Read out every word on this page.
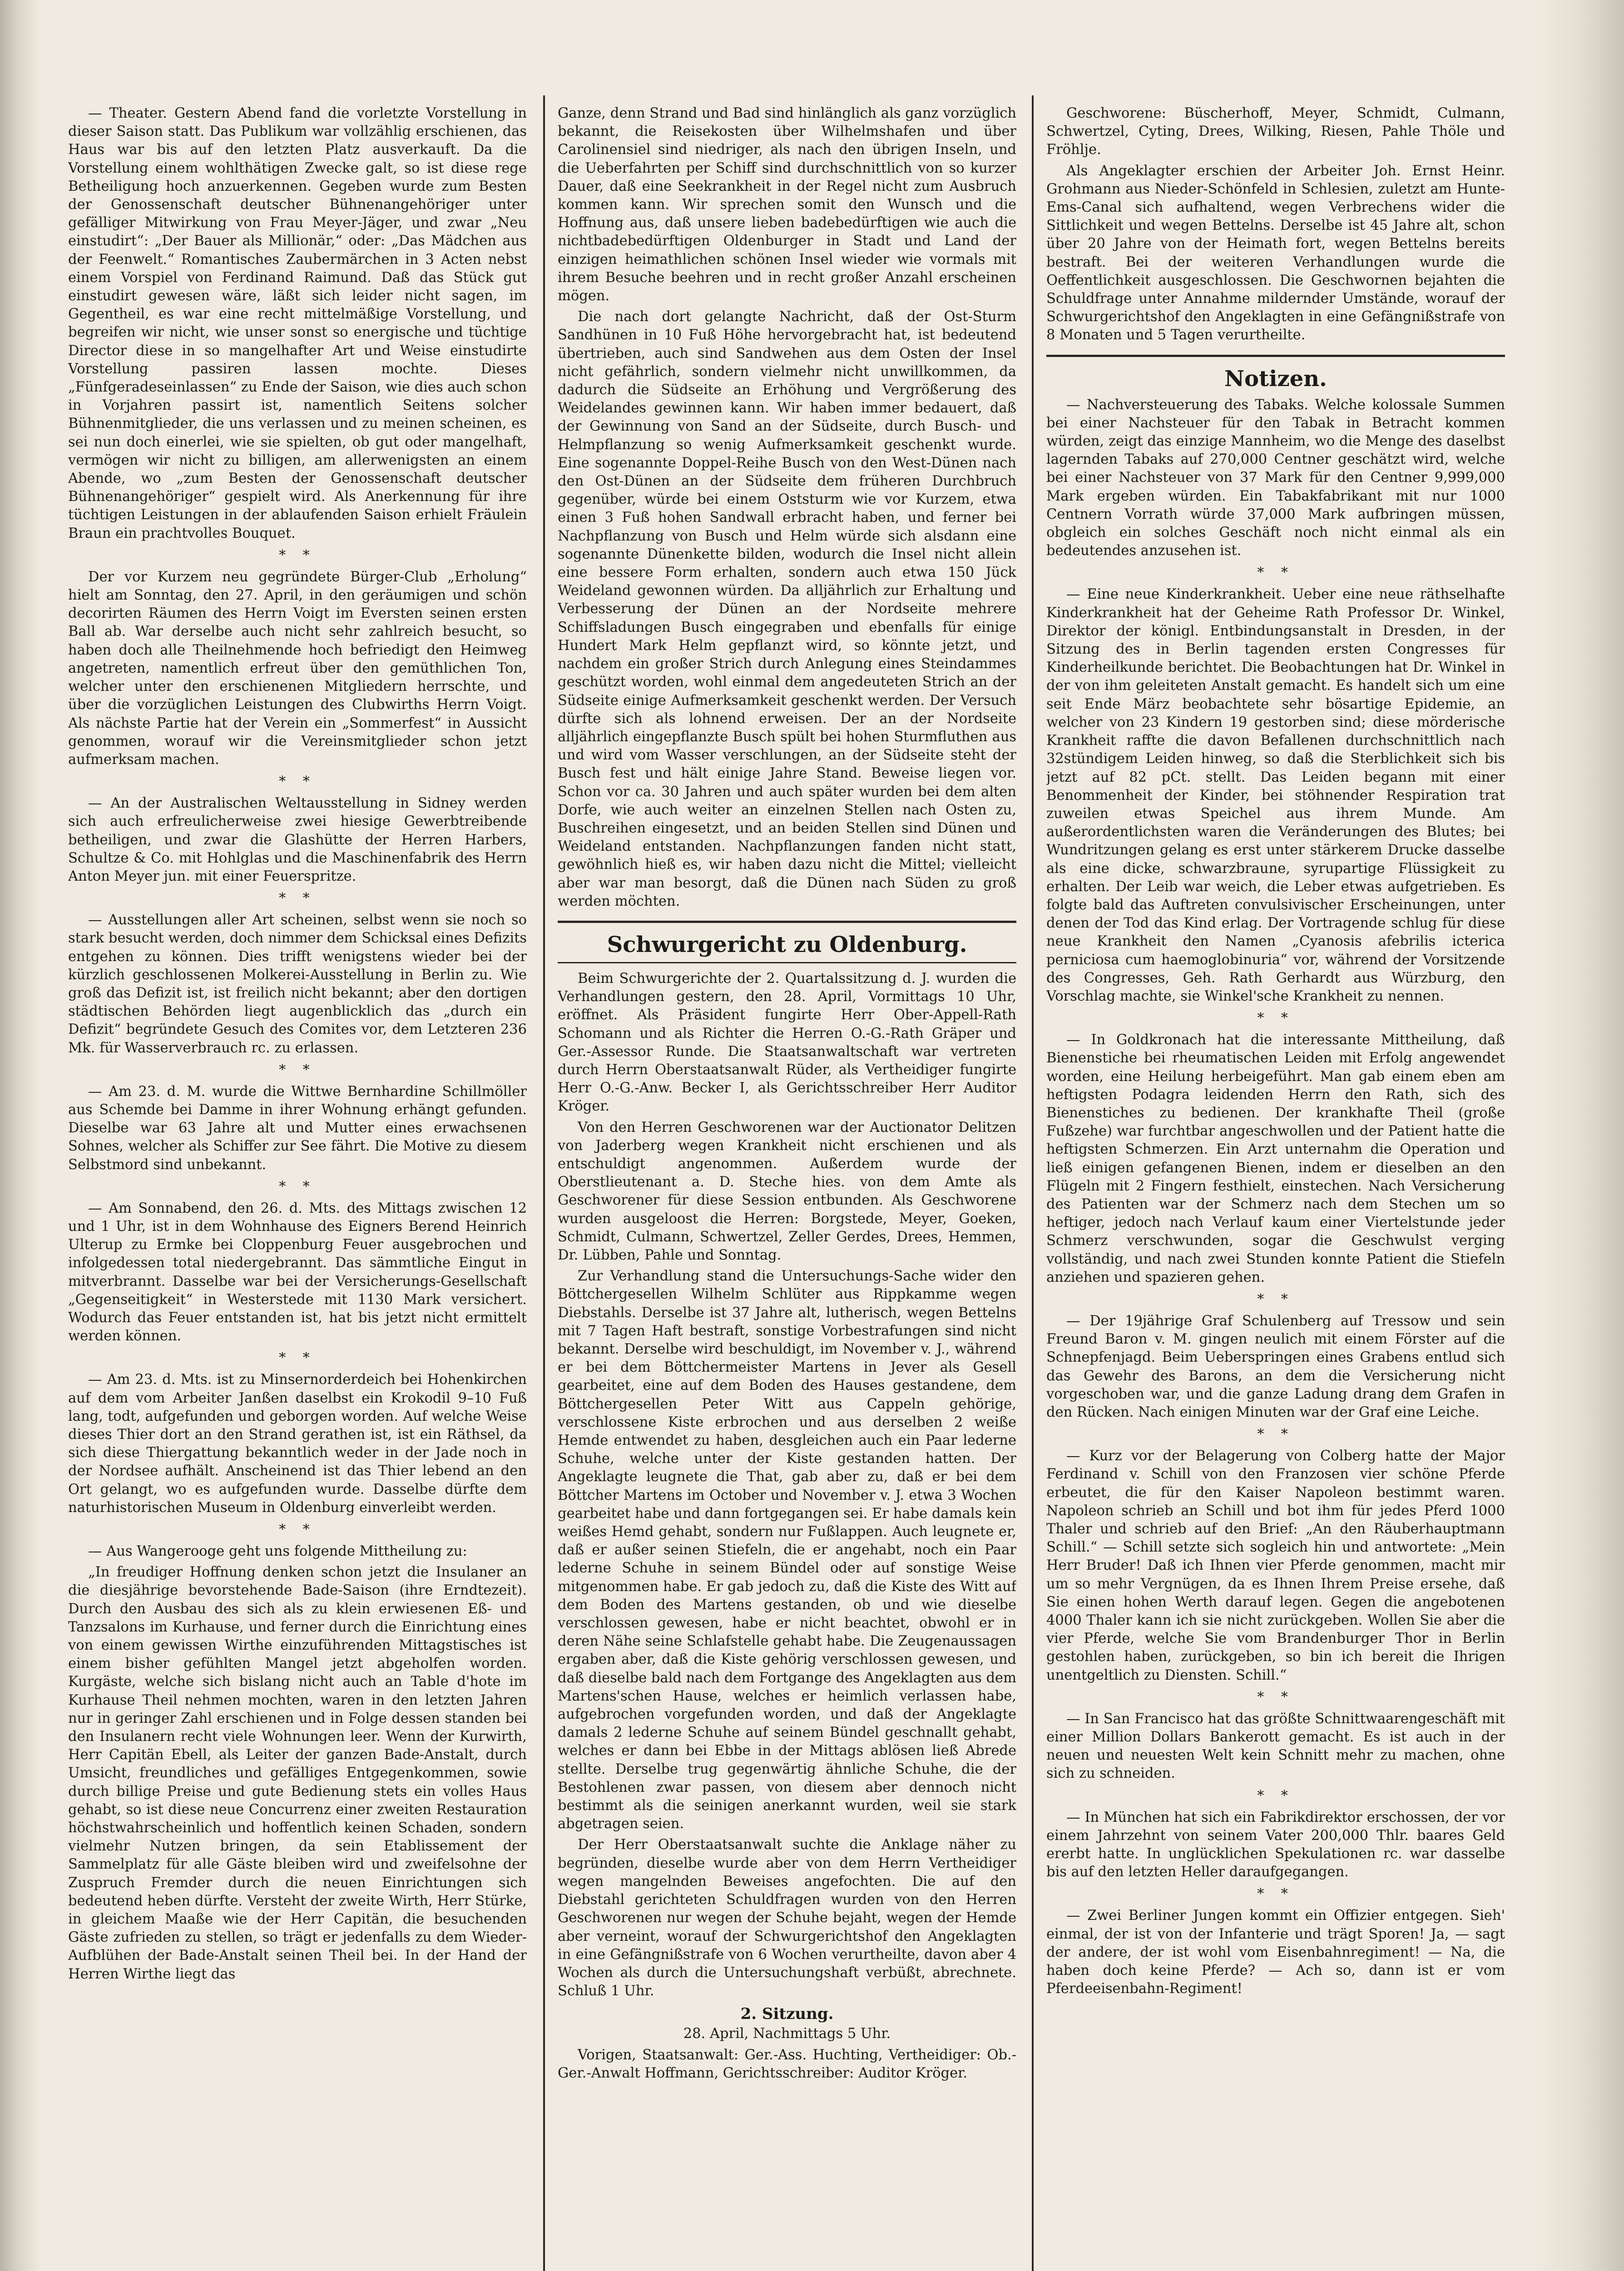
— Theater. Gestern Abend fand die vorletzte Vorstellung in dieser Saison statt. Das Publikum war vollzählig erschienen, das Haus war bis auf den letzten Platz ausverkauft. Da die Vorstellung einem wohlthätigen Zwecke galt, so ist diese rege Betheiligung hoch anzuerkennen. Gegeben wurde zum Besten der Genossenschaft deutscher Bühnenangehöriger unter gefälliger Mitwirkung von Frau Meyer-Jäger, und zwar „Neu einstudirt“: „Der Bauer als Millionär,“ oder: „Das Mädchen aus der Feenwelt.“ Romantisches Zaubermärchen in 3 Acten nebst einem Vorspiel von Ferdinand Raimund. Daß das Stück gut einstudirt gewesen wäre, läßt sich leider nicht sagen, im Gegentheil, es war eine recht mittelmäßige Vorstellung, und begreifen wir nicht, wie unser sonst so energische und tüchtige Director diese in so mangelhafter Art und Weise einstudirte Vorstellung passiren lassen mochte. Dieses „Fünfgeradeseinlassen“ zu Ende der Saison, wie dies auch schon in Vorjahren passirt ist, namentlich Seitens solcher Bühnenmitglieder, die uns verlassen und zu meinen scheinen, es sei nun doch einerlei, wie sie spielten, ob gut oder mangelhaft, vermögen wir nicht zu billigen, am allerwenigsten an einem Abende, wo „zum Besten der Genossenschaft deutscher Bühnenangehöriger“ gespielt wird. Als Anerkennung für ihre tüchtigen Leistungen in der ablaufenden Saison erhielt Fräulein Braun ein prachtvolles Bouquet.

* *

Der vor Kurzem neu gegründete Bürger-Club „Erholung“ hielt am Sonntag, den 27. April, in den geräumigen und schön decorirten Räumen des Herrn Voigt im Eversten seinen ersten Ball ab. War derselbe auch nicht sehr zahlreich besucht, so haben doch alle Theilnehmende hoch befriedigt den Heimweg angetreten, namentlich erfreut über den gemüthlichen Ton, welcher unter den erschienenen Mitgliedern herrschte, und über die vorzüglichen Leistungen des Clubwirths Herrn Voigt. Als nächste Partie hat der Verein ein „Sommerfest“ in Aussicht genommen, worauf wir die Vereinsmitglieder schon jetzt aufmerksam machen.

* *

— An der Australischen Weltausstellung in Sidney werden sich auch erfreulicherweise zwei hiesige Gewerbtreibende betheiligen, und zwar die Glashütte der Herren Harbers, Schultze & Co. mit Hohlglas und die Maschinenfabrik des Herrn Anton Meyer jun. mit einer Feuerspritze.

* *

— Ausstellungen aller Art scheinen, selbst wenn sie noch so stark besucht werden, doch nimmer dem Schicksal eines Defizits entgehen zu können. Dies trifft wenigstens wieder bei der kürzlich geschlossenen Molkerei-Ausstellung in Berlin zu. Wie groß das Defizit ist, ist freilich nicht bekannt; aber den dortigen städtischen Behörden liegt augenblicklich das „durch ein Defizit“ begründete Gesuch des Comites vor, dem Letzteren 236 Mk. für Wasserverbrauch rc. zu erlassen.

* *

— Am 23. d. M. wurde die Wittwe Bernhardine Schillmöller aus Schemde bei Damme in ihrer Wohnung erhängt gefunden. Dieselbe war 63 Jahre alt und Mutter eines erwachsenen Sohnes, welcher als Schiffer zur See fährt. Die Motive zu diesem Selbstmord sind unbekannt.

* *

— Am Sonnabend, den 26. d. Mts. des Mittags zwischen 12 und 1 Uhr, ist in dem Wohnhause des Eigners Berend Heinrich Ulterup zu Ermke bei Cloppenburg Feuer ausgebrochen und infolgedessen total niedergebrannt. Das sämmtliche Eingut in mitverbrannt. Dasselbe war bei der Versicherungs-Gesellschaft „Gegenseitigkeit“ in Westerstede mit 1130 Mark versichert. Wodurch das Feuer entstanden ist, hat bis jetzt nicht ermittelt werden können.

* *

— Am 23. d. Mts. ist zu Minsernorderdeich bei Hohenkirchen auf dem vom Arbeiter Janßen daselbst ein Krokodil 9–10 Fuß lang, todt, aufgefunden und geborgen worden. Auf welche Weise dieses Thier dort an den Strand gerathen ist, ist ein Räthsel, da sich diese Thiergattung bekanntlich weder in der Jade noch in der Nordsee aufhält. Anscheinend ist das Thier lebend an den Ort gelangt, wo es aufgefunden wurde. Dasselbe dürfte dem naturhistorischen Museum in Oldenburg einverleibt werden.

* *

— Aus Wangerooge geht uns folgende Mittheilung zu:

„In freudiger Hoffnung denken schon jetzt die Insulaner an die diesjährige bevorstehende Bade-Saison (ihre Erndtezeit). Durch den Ausbau des sich als zu klein erwiesenen Eß- und Tanzsalons im Kurhause, und ferner durch die Einrichtung eines von einem gewissen Wirthe einzuführenden Mittagstisches ist einem bisher gefühlten Mangel jetzt abgeholfen worden. Kurgäste, welche sich bislang nicht auch an Table d'hote im Kurhause Theil nehmen mochten, waren in den letzten Jahren nur in geringer Zahl erschienen und in Folge dessen standen bei den Insulanern recht viele Wohnungen leer. Wenn der Kurwirth, Herr Capitän Ebell, als Leiter der ganzen Bade-Anstalt, durch Umsicht, freundliches und gefälliges Entgegenkommen, sowie durch billige Preise und gute Bedienung stets ein volles Haus gehabt, so ist diese neue Concurrenz einer zweiten Restauration höchstwahrscheinlich und hoffentlich keinen Schaden, sondern vielmehr Nutzen bringen, da sein Etablissement der Sammelplatz für alle Gäste bleiben wird und zweifelsohne der Zuspruch Fremder durch die neuen Einrichtungen sich bedeutend heben dürfte. Versteht der zweite Wirth, Herr Stürke, in gleichem Maaße wie der Herr Capitän, die besuchenden Gäste zufrieden zu stellen, so trägt er jedenfalls zu dem Wieder-Aufblühen der Bade-Anstalt seinen Theil bei. In der Hand der Herren Wirthe liegt das

Ganze, denn Strand und Bad sind hinlänglich als ganz vorzüglich bekannt, die Reisekosten über Wilhelmshafen und über Carolinensiel sind niedriger, als nach den übrigen Inseln, und die Ueberfahrten per Schiff sind durchschnittlich von so kurzer Dauer, daß eine Seekrankheit in der Regel nicht zum Ausbruch kommen kann. Wir sprechen somit den Wunsch und die Hoffnung aus, daß unsere lieben badebedürftigen wie auch die nichtbadebedürftigen Oldenburger in Stadt und Land der einzigen heimathlichen schönen Insel wieder wie vormals mit ihrem Besuche beehren und in recht großer Anzahl erscheinen mögen.

Die nach dort gelangte Nachricht, daß der Ost-Sturm Sandhünen in 10 Fuß Höhe hervorgebracht hat, ist bedeutend übertrieben, auch sind Sandwehen aus dem Osten der Insel nicht gefährlich, sondern vielmehr nicht unwillkommen, da dadurch die Südseite an Erhöhung und Vergrößerung des Weidelandes gewinnen kann. Wir haben immer bedauert, daß der Gewinnung von Sand an der Südseite, durch Busch- und Helmpflanzung so wenig Aufmerksamkeit geschenkt wurde. Eine sogenannte Doppel-Reihe Busch von den West-Dünen nach den Ost-Dünen an der Südseite dem früheren Durchbruch gegenüber, würde bei einem Oststurm wie vor Kurzem, etwa einen 3 Fuß hohen Sandwall erbracht haben, und ferner bei Nachpflanzung von Busch und Helm würde sich alsdann eine sogenannte Dünenkette bilden, wodurch die Insel nicht allein eine bessere Form erhalten, sondern auch etwa 150 Jück Weideland gewonnen würden. Da alljährlich zur Erhaltung und Verbesserung der Dünen an der Nordseite mehrere Schiffsladungen Busch eingegraben und ebenfalls für einige Hundert Mark Helm gepflanzt wird, so könnte jetzt, und nachdem ein großer Strich durch Anlegung eines Steindammes geschützt worden, wohl einmal dem angedeuteten Strich an der Südseite einige Aufmerksamkeit geschenkt werden. Der Versuch dürfte sich als lohnend erweisen. Der an der Nordseite alljährlich eingepflanzte Busch spült bei hohen Sturmfluthen aus und wird vom Wasser verschlungen, an der Südseite steht der Busch fest und hält einige Jahre Stand. Beweise liegen vor. Schon vor ca. 30 Jahren und auch später wurden bei dem alten Dorfe, wie auch weiter an einzelnen Stellen nach Osten zu, Buschreihen eingesetzt, und an beiden Stellen sind Dünen und Weideland entstanden. Nachpflanzungen fanden nicht statt, gewöhnlich hieß es, wir haben dazu nicht die Mittel; vielleicht aber war man besorgt, daß die Dünen nach Süden zu groß werden möchten.

Schwurgericht zu Oldenburg.

Beim Schwurgerichte der 2. Quartalssitzung d. J. wurden die Verhandlungen gestern, den 28. April, Vormittags 10 Uhr, eröffnet. Als Präsident fungirte Herr Ober-Appell-Rath Schomann und als Richter die Herren O.-G.-Rath Gräper und Ger.-Assessor Runde. Die Staatsanwaltschaft war vertreten durch Herrn Oberstaatsanwalt Rüder, als Vertheidiger fungirte Herr O.-G.-Anw. Becker I, als Gerichtsschreiber Herr Auditor Kröger.

Von den Herren Geschworenen war der Auctionator Delitzen von Jaderberg wegen Krankheit nicht erschienen und als entschuldigt angenommen. Außerdem wurde der Oberstlieutenant a. D. Steche hies. von dem Amte als Geschworener für diese Session entbunden. Als Geschworene wurden ausgeloost die Herren: Borgstede, Meyer, Goeken, Schmidt, Culmann, Schwertzel, Zeller Gerdes, Drees, Hemmen, Dr. Lübben, Pahle und Sonntag.

Zur Verhandlung stand die Untersuchungs-Sache wider den Böttchergesellen Wilhelm Schlüter aus Rippkamme wegen Diebstahls. Derselbe ist 37 Jahre alt, lutherisch, wegen Bettelns mit 7 Tagen Haft bestraft, sonstige Vorbestrafungen sind nicht bekannt. Derselbe wird beschuldigt, im November v. J., während er bei dem Böttchermeister Martens in Jever als Gesell gearbeitet, eine auf dem Boden des Hauses gestandene, dem Böttchergesellen Peter Witt aus Cappeln gehörige, verschlossene Kiste erbrochen und aus derselben 2 weiße Hemde entwendet zu haben, desgleichen auch ein Paar lederne Schuhe, welche unter der Kiste gestanden hatten. Der Angeklagte leugnete die That, gab aber zu, daß er bei dem Böttcher Martens im October und November v. J. etwa 3 Wochen gearbeitet habe und dann fortgegangen sei. Er habe damals kein weißes Hemd gehabt, sondern nur Fußlappen. Auch leugnete er, daß er außer seinen Stiefeln, die er angehabt, noch ein Paar lederne Schuhe in seinem Bündel oder auf sonstige Weise mitgenommen habe. Er gab jedoch zu, daß die Kiste des Witt auf dem Boden des Martens gestanden, ob und wie dieselbe verschlossen gewesen, habe er nicht beachtet, obwohl er in deren Nähe seine Schlafstelle gehabt habe. Die Zeugenaussagen ergaben aber, daß die Kiste gehörig verschlossen gewesen, und daß dieselbe bald nach dem Fortgange des Angeklagten aus dem Martens'schen Hause, welches er heimlich verlassen habe, aufgebrochen vorgefunden worden, und daß der Angeklagte damals 2 lederne Schuhe auf seinem Bündel geschnallt gehabt, welches er dann bei Ebbe in der Mittags ablösen ließ Abrede stellte. Derselbe trug gegenwärtig ähnliche Schuhe, die der Bestohlenen zwar passen, von diesem aber dennoch nicht bestimmt als die seinigen anerkannt wurden, weil sie stark abgetragen seien.

Der Herr Oberstaatsanwalt suchte die Anklage näher zu begründen, dieselbe wurde aber von dem Herrn Vertheidiger wegen mangelnden Beweises angefochten. Die auf den Diebstahl gerichteten Schuldfragen wurden von den Herren Geschworenen nur wegen der Schuhe bejaht, wegen der Hemde aber verneint, worauf der Schwurgerichtshof den Angeklagten in eine Gefängnißstrafe von 6 Wochen verurtheilte, davon aber 4 Wochen als durch die Untersuchungshaft verbüßt, abrechnete. Schluß 1 Uhr.

2. Sitzung.

28. April, Nachmittags 5 Uhr.

Vorigen, Staatsanwalt: Ger.-Ass. Huchting, Vertheidiger: Ob.-Ger.-Anwalt Hoffmann, Gerichtsschreiber: Auditor Kröger.

Geschworene: Büscherhoff, Meyer, Schmidt, Culmann, Schwertzel, Cyting, Drees, Wilking, Riesen, Pahle Thöle und Fröhlje.

Als Angeklagter erschien der Arbeiter Joh. Ernst Heinr. Grohmann aus Nieder-Schönfeld in Schlesien, zuletzt am Hunte-Ems-Canal sich aufhaltend, wegen Verbrechens wider die Sittlichkeit und wegen Bettelns. Derselbe ist 45 Jahre alt, schon über 20 Jahre von der Heimath fort, wegen Bettelns bereits bestraft. Bei der weiteren Verhandlungen wurde die Oeffentlichkeit ausgeschlossen. Die Geschwornen bejahten die Schuldfrage unter Annahme mildernder Umstände, worauf der Schwurgerichtshof den Angeklagten in eine Gefängnißstrafe von 8 Monaten und 5 Tagen verurtheilte.

Notizen.

— Nachversteuerung des Tabaks. Welche kolossale Summen bei einer Nachsteuer für den Tabak in Betracht kommen würden, zeigt das einzige Mannheim, wo die Menge des daselbst lagernden Tabaks auf 270,000 Centner geschätzt wird, welche bei einer Nachsteuer von 37 Mark für den Centner 9,999,000 Mark ergeben würden. Ein Tabakfabrikant mit nur 1000 Centnern Vorrath würde 37,000 Mark aufbringen müssen, obgleich ein solches Geschäft noch nicht einmal als ein bedeutendes anzusehen ist.

* *

— Eine neue Kinderkrankheit. Ueber eine neue räthselhafte Kinderkrankheit hat der Geheime Rath Professor Dr. Winkel, Direktor der königl. Entbindungsanstalt in Dresden, in der Sitzung des in Berlin tagenden ersten Congresses für Kinderheilkunde berichtet. Die Beobachtungen hat Dr. Winkel in der von ihm geleiteten Anstalt gemacht. Es handelt sich um eine seit Ende März beobachtete sehr bösartige Epidemie, an welcher von 23 Kindern 19 gestorben sind; diese mörderische Krankheit raffte die davon Befallenen durchschnittlich nach 32stündigem Leiden hinweg, so daß die Sterblichkeit sich bis jetzt auf 82 pCt. stellt. Das Leiden begann mit einer Benommenheit der Kinder, bei stöhnender Respiration trat zuweilen etwas Speichel aus ihrem Munde. Am außerordentlichsten waren die Veränderungen des Blutes; bei Wundritzungen gelang es erst unter stärkerem Drucke dasselbe als eine dicke, schwarzbraune, syrupartige Flüssigkeit zu erhalten. Der Leib war weich, die Leber etwas aufgetrieben. Es folgte bald das Auftreten convulsivischer Erscheinungen, unter denen der Tod das Kind erlag. Der Vortragende schlug für diese neue Krankheit den Namen „Cyanosis afebrilis icterica perniciosa cum haemoglobinuria“ vor, während der Vorsitzende des Congresses, Geh. Rath Gerhardt aus Würzburg, den Vorschlag machte, sie Winkel'sche Krankheit zu nennen.

* *

— In Goldkronach hat die interessante Mittheilung, daß Bienenstiche bei rheumatischen Leiden mit Erfolg angewendet worden, eine Heilung herbeigeführt. Man gab einem eben am heftigsten Podagra leidenden Herrn den Rath, sich des Bienenstiches zu bedienen. Der krankhafte Theil (große Fußzehe) war furchtbar angeschwollen und der Patient hatte die heftigsten Schmerzen. Ein Arzt unternahm die Operation und ließ einigen gefangenen Bienen, indem er dieselben an den Flügeln mit 2 Fingern festhielt, einstechen. Nach Versicherung des Patienten war der Schmerz nach dem Stechen um so heftiger, jedoch nach Verlauf kaum einer Viertelstunde jeder Schmerz verschwunden, sogar die Geschwulst verging vollständig, und nach zwei Stunden konnte Patient die Stiefeln anziehen und spazieren gehen.

* *

— Der 19jährige Graf Schulenberg auf Tressow und sein Freund Baron v. M. gingen neulich mit einem Förster auf die Schnepfenjagd. Beim Ueberspringen eines Grabens entlud sich das Gewehr des Barons, an dem die Versicherung nicht vorgeschoben war, und die ganze Ladung drang dem Grafen in den Rücken. Nach einigen Minuten war der Graf eine Leiche.

* *

— Kurz vor der Belagerung von Colberg hatte der Major Ferdinand v. Schill von den Franzosen vier schöne Pferde erbeutet, die für den Kaiser Napoleon bestimmt waren. Napoleon schrieb an Schill und bot ihm für jedes Pferd 1000 Thaler und schrieb auf den Brief: „An den Räuberhauptmann Schill.“ — Schill setzte sich sogleich hin und antwortete: „Mein Herr Bruder! Daß ich Ihnen vier Pferde genommen, macht mir um so mehr Vergnügen, da es Ihnen Ihrem Preise ersehe, daß Sie einen hohen Werth darauf legen. Gegen die angebotenen 4000 Thaler kann ich sie nicht zurückgeben. Wollen Sie aber die vier Pferde, welche Sie vom Brandenburger Thor in Berlin gestohlen haben, zurückgeben, so bin ich bereit die Ihrigen unentgeltlich zu Diensten. Schill.“

* *

— In San Francisco hat das größte Schnittwaarengeschäft mit einer Million Dollars Bankerott gemacht. Es ist auch in der neuen und neuesten Welt kein Schnitt mehr zu machen, ohne sich zu schneiden.

* *

— In München hat sich ein Fabrikdirektor erschossen, der vor einem Jahrzehnt von seinem Vater 200,000 Thlr. baares Geld ererbt hatte. In unglücklichen Spekulationen rc. war dasselbe bis auf den letzten Heller daraufgegangen.

* *

— Zwei Berliner Jungen kommt ein Offizier entgegen. Sieh' einmal, der ist von der Infanterie und trägt Sporen! Ja, — sagt der andere, der ist wohl vom Eisenbahnregiment! — Na, die haben doch keine Pferde? — Ach so, dann ist er vom Pferdeeisenbahn-Regiment!
